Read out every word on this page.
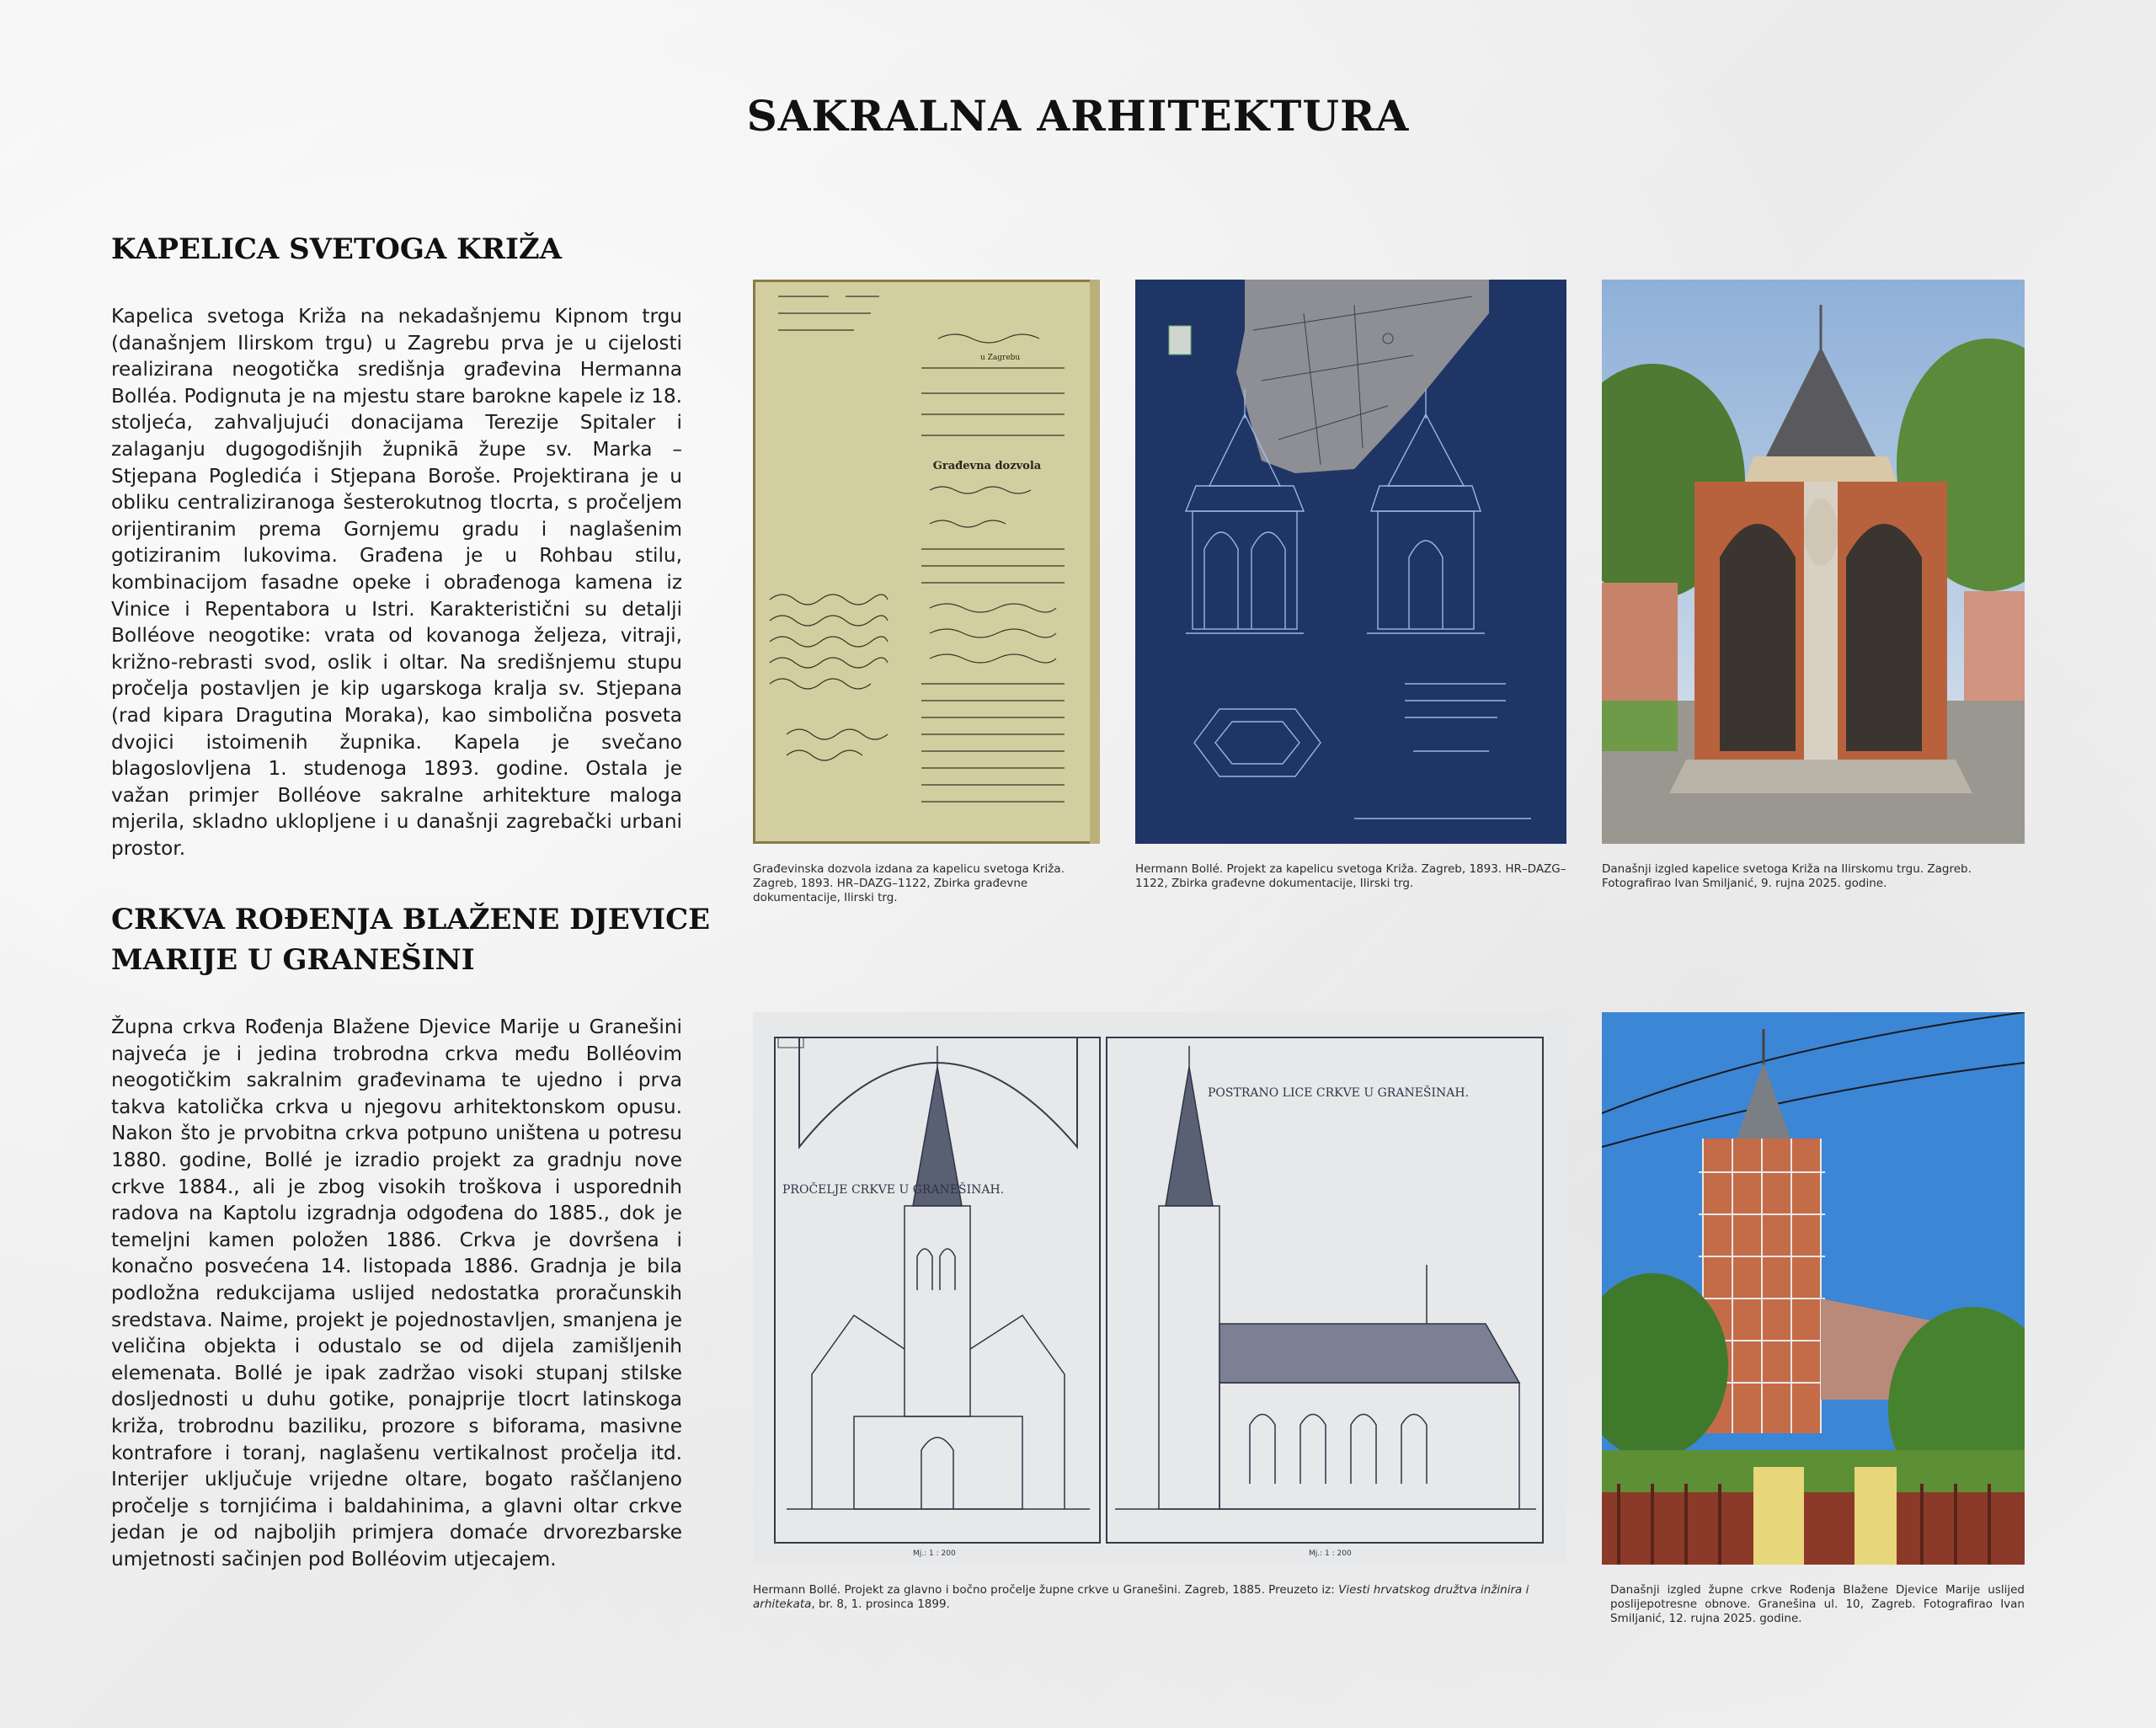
SAKRALNA ARHITEKTURA
KAPELICA SVETOGA KRIŽA
Kapelica svetoga Križa na nekadašnjemu Kipnom trgu (današnjem Ilirskom trgu) u Zagrebu prva je u cijelosti realizirana neogotička središnja građevina Hermanna Bolléa. Podignuta je na mjestu stare barokne kapele iz 18. stoljeća, zahvaljujući donacijama Terezije Spitaler i zalaganju dugogodišnjih župnikā župe sv. Marka – Stjepana Pogledića i Stjepana Boroše. Projektirana je u obliku centraliziranoga šesterokutnog tlocrta, s pročeljem orijentiranim prema Gornjemu gradu i naglašenim gotiziranim lukovima. Građena je u Rohbau stilu, kombinacijom fasadne opeke i obrađenoga kamena iz Vinice i Repentabora u Istri. Karakteristični su detalji Bolléove neogotike: vrata od kovanoga željeza, vitraji, križno-rebrasti svod, oslik i oltar. Na središnjemu stupu pročelja postavljen je kip ugarskoga kralja sv. Stjepana (rad kipara Dragutina Moraka), kao simbolična posveta dvojici istoimenih župnika. Kapela je svečano blagoslovljena 1. studenoga 1893. godine. Ostala je važan primjer Bolléove sakralne arhitekture maloga mjerila, skladno uklopljene i u današnji zagrebački urbani prostor.
CRKVA ROĐENJA BLAŽENE DJEVICE
MARIJE U GRANEŠINI
Župna crkva Rođenja Blažene Djevice Marije u Granešini najveća je i jedina trobrodna crkva među Bolléovim neogotičkim sakralnim građevinama te ujedno i prva takva katolička crkva u njegovu arhitektonskom opusu. Nakon što je prvobitna crkva potpuno uništena u potresu 1880. godine, Bollé je izradio projekt za gradnju nove crkve 1884., ali je zbog visokih troškova i usporednih radova na Kaptolu izgradnja odgođena do 1885., dok je temeljni kamen položen 1886. Crkva je dovršena i konačno posvećena 14. listopada 1886. Gradnja je bila podložna redukcijama uslijed nedostatka proračunskih sredstava. Naime, projekt je pojednostavljen, smanjena je veličina objekta i odustalo se od dijela zamišljenih elemenata. Bollé je ipak zadržao visoki stupanj stilske dosljednosti u duhu gotike, ponajprije tlocrt latinskoga križa, trobrodnu baziliku, prozore s biforama, masivne kontrafore i toranj, naglašenu vertikalnost pročelja itd. Interijer uključuje vrijedne oltare, bogato raščlanjeno pročelje s tornjićima i baldahinima, a glavni oltar crkve jedan je od najboljih primjera domaće drvorezbarske umjetnosti sačinjen pod Bolléovim utjecajem.
Građevna dozvola
u Zagrebu
Građevinska dozvola izdana za kapelicu svetoga Križa. Zagreb, 1893. HR–DAZG–1122, Zbirka građevne dokumentacije, Ilirski trg.
Hermann Bollé. Projekt za kapelicu svetoga Križa. Zagreb, 1893. HR–DAZG–1122, Zbirka građevne dokumentacije, Ilirski trg.
Današnji izgled kapelice svetoga Križa na Ilirskomu trgu. Zagreb. Fotografirao Ivan Smiljanić, 9. rujna 2025. godine.
PROČELJE CRKVE U GRANEŠINAH.
POSTRANO LICE CRKVE U GRANEŠINAH.
Mj.: 1 : 200	Mj.: 1 : 200
Hermann Bollé. Projekt za glavno i bočno pročelje župne crkve u Granešini. Zagreb, 1885. Preuzeto iz: Viesti hrvatskog družtva inžinira i arhitekata, br. 8, 1. prosinca 1899.
Današnji izgled župne crkve Rođenja Blažene Djevice Marije uslijed poslijepotresne obnove. Granešina ul. 10, Zagreb. Fotografirao Ivan Smiljanić, 12. rujna 2025. godine.
